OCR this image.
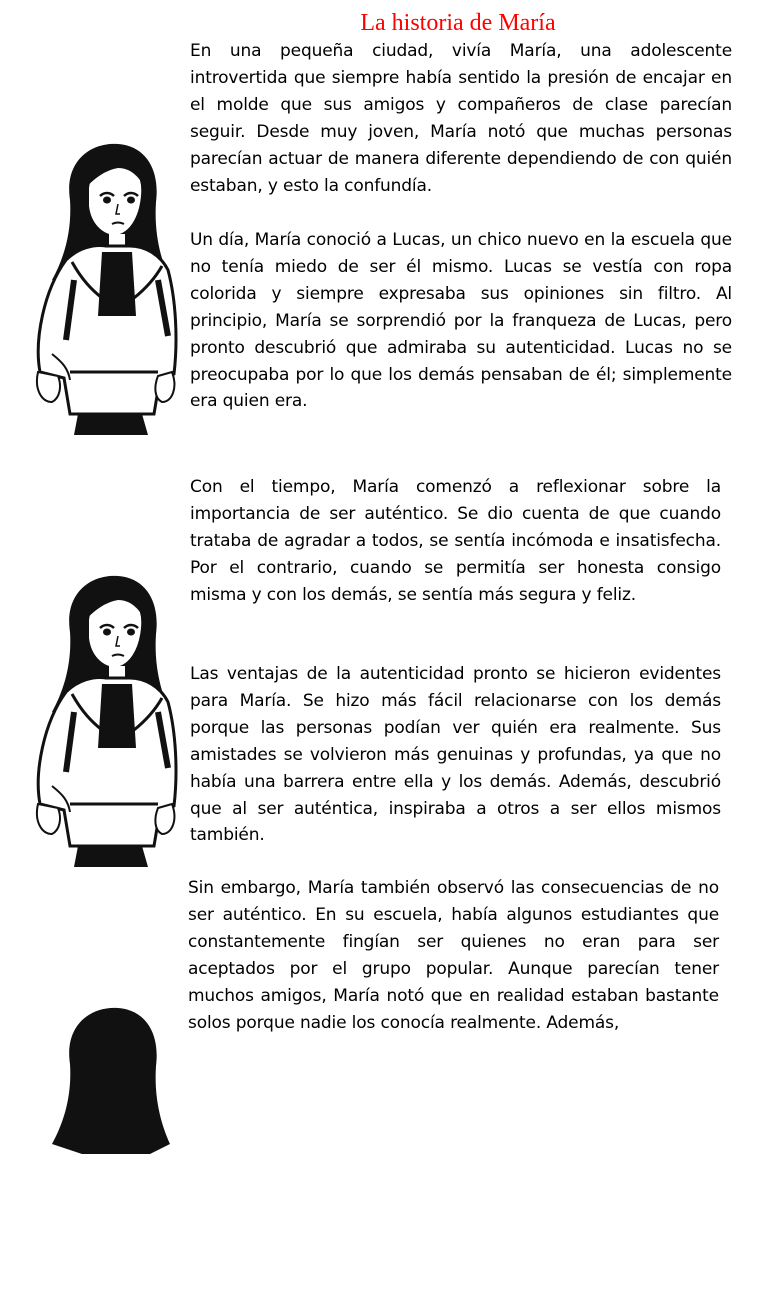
La historia de María

En una pequeña ciudad, vivía María, una adolescente introvertida que siempre había sentido la presión de encajar en el molde que sus amigos y compañeros de clase parecían seguir. Desde muy joven, María notó que muchas personas parecían actuar de manera diferente dependiendo de con quién estaban, y esto la confundía.

Un día, María conoció a Lucas, un chico nuevo en la escuela que no tenía miedo de ser él mismo. Lucas se vestía con ropa colorida y siempre expresaba sus opiniones sin filtro. Al principio, María se sorprendió por la franqueza de Lucas, pero pronto descubrió que admiraba su autenticidad. Lucas no se preocupaba por lo que los demás pensaban de él; simplemente era quien era.

Con el tiempo, María comenzó a reflexionar sobre la importancia de ser auténtico. Se dio cuenta de que cuando trataba de agradar a todos, se sentía incómoda e insatisfecha. Por el contrario, cuando se permitía ser honesta consigo misma y con los demás, se sentía más segura y feliz.

Las ventajas de la autenticidad pronto se hicieron evidentes para María. Se hizo más fácil relacionarse con los demás porque las personas podían ver quién era realmente. Sus amistades se volvieron más genuinas y profundas, ya que no había una barrera entre ella y los demás. Además, descubrió que al ser auténtica, inspiraba a otros a ser ellos mismos también.

Sin embargo, María también observó las consecuencias de no ser auténtico. En su escuela, había algunos estudiantes que constantemente fingían ser quienes no eran para ser aceptados por el grupo popular. Aunque parecían tener muchos amigos, María notó que en realidad estaban bastante solos porque nadie los conocía realmente. Además,
